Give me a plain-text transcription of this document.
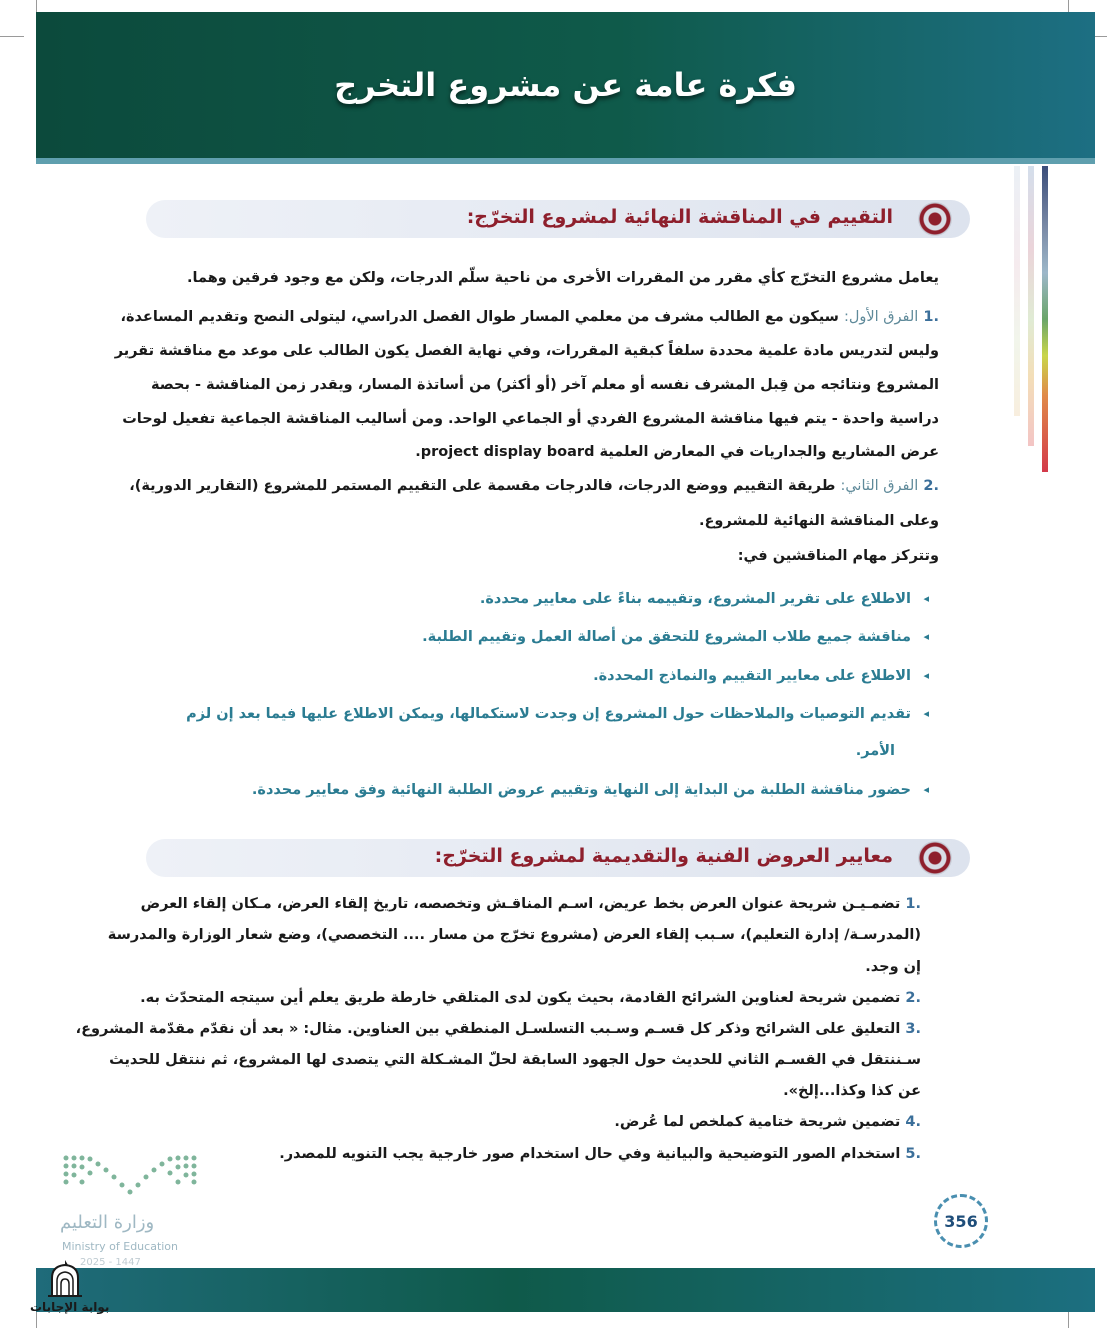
فكرة عامة عن مشروع التخرج
التقييم في المناقشة النهائية لمشروع التخرّج:
يعامل مشروع التخرّج كأي مقرر من المقررات الأخرى من ناحية سلّم الدرجات، ولكن مع وجود فرقين وهما.
.1 الفرق الأول: سيكون مع الطالب مشرف من معلمي المسار طوال الفصل الدراسي، ليتولى النصح وتقديم المساعدة،
وليس لتدريس مادة علمية محددة سلفاً كبقية المقررات، وفي نهاية الفصل يكون الطالب على موعد مع مناقشة تقرير
المشروع ونتائجه من قِبل المشرف نفسه أو معلم آخر (أو أكثر) من أساتذة المسار، ويقدر زمن المناقشة - بحصة
دراسية واحدة - يتم فيها مناقشة المشروع الفردي أو الجماعي الواحد. ومن أساليب المناقشة الجماعية تفعيل لوحات
عرض المشاريع والجداريات في المعارض العلمية project display board.
.2 الفرق الثاني: طريقة التقييم ووضع الدرجات، فالدرجات مقسمة على التقييم المستمر للمشروع (التقارير الدورية)،
وعلى المناقشة النهائية للمشروع.
وتتركز مهام المناقشين في:
◂ الاطلاع على تقرير المشروع، وتقييمه بناءً على معايير محددة.
◂ مناقشة جميع طلاب المشروع للتحقق من أصالة العمل وتقييم الطلبة.
◂ الاطلاع على معايير التقييم والنماذج المحددة.
◂ تقديم التوصيات والملاحظات حول المشروع إن وجدت لاستكمالها، ويمكن الاطلاع عليها فيما بعد إن لزم
الأمر.
◂ حضور مناقشة الطلبة من البداية إلى النهاية وتقييم عروض الطلبة النهائية وفق معايير محددة.
معايير العروض الفنية والتقديمية لمشروع التخرّج:
.1 تضمـيـن شريحة عنوان العرض بخط عريض، اسـم المناقـش وتخصصه، تاريخ إلقاء العرض، مـكان إلقاء العرض
(المدرسـة/ إدارة التعليم)، سـبب إلقاء العرض (مشروع تخرّج من مسار .... التخصصي)، وضع شعار الوزارة والمدرسة
إن وجد.
.2 تضمين شريحة لعناوين الشرائح القادمة، بحيث يكون لدى المتلقي خارطة طريق يعلم أين سيتجه المتحدّث به.
.3 التعليق على الشرائح وذكر كل قسـم وسـبب التسلسـل المنطقي بين العناوين. مثال: « بعد أن نقدّم مقدّمة المشروع،
سـننتقل في القسـم الثاني للحديث حول الجهود السابقة لحلّ المشـكلة التي يتصدى لها المشروع، ثم ننتقل للحديث
عن كذا وكذا...إلخ».
.4 تضمين شريحة ختامية كملخص لما عُرض.
.5 استخدام الصور التوضيحية والبيانية وفي حال استخدام صور خارجية يجب التنويه للمصدر.
وزارة التعليم
Ministry of Education
2025 - 1447
356
بوابة الإجابات
